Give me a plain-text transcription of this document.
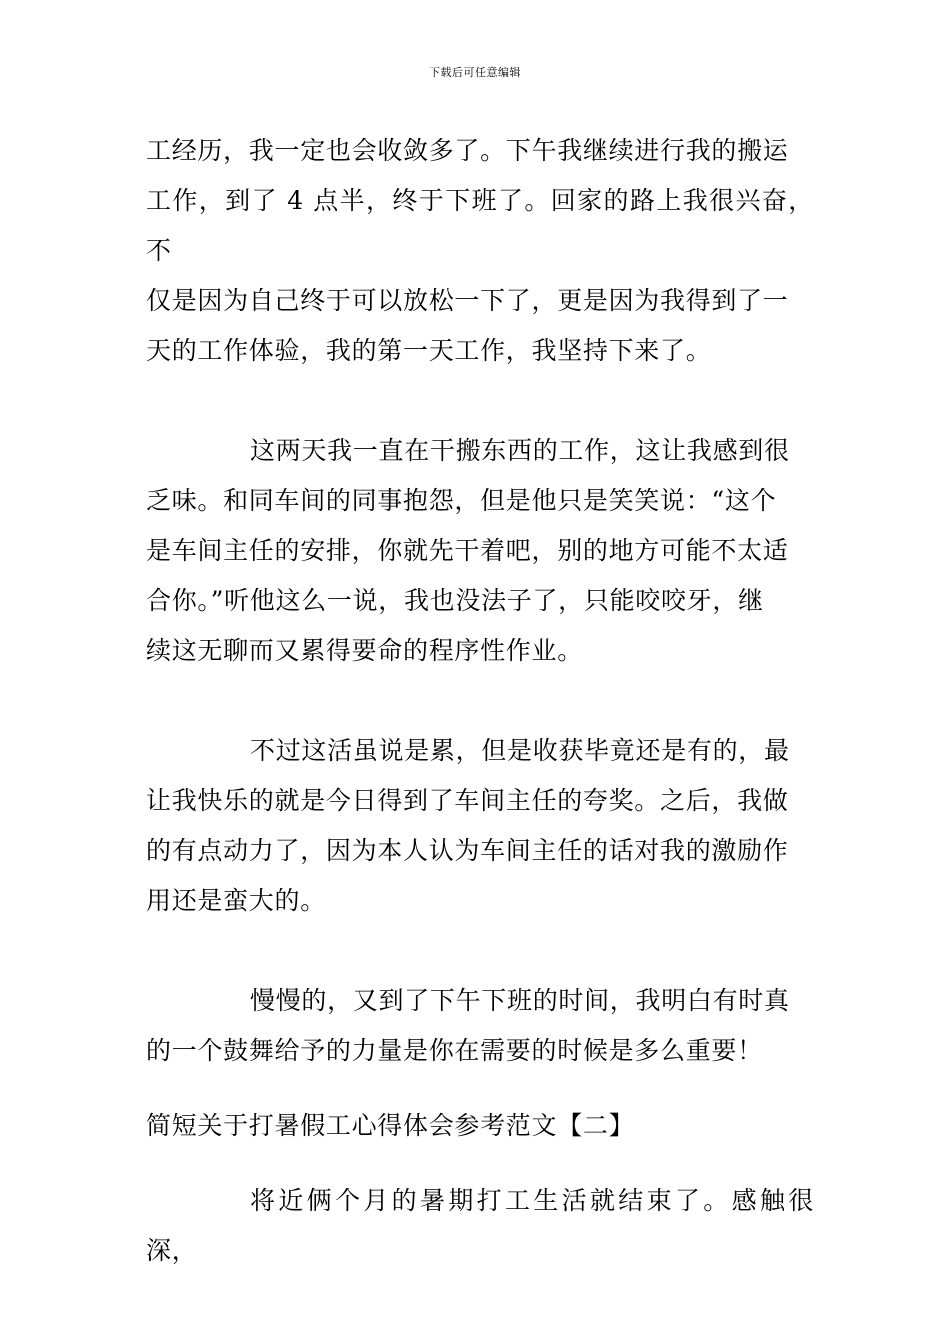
下载后可任意编辑
工经历，我一定也会收敛多了。下午我继续进行我的搬运
工作，到了 4 点半，终于下班了。回家的路上我很兴奋，不
仅是因为自己终于可以放松一下了，更是因为我得到了一
天的工作体验，我的第一天工作，我坚持下来了。
这两天我一直在干搬东西的工作，这让我感到很
乏味。和同车间的同事抱怨，但是他只是笑笑说：“这个
是车间主任的安排，你就先干着吧，别的地方可能不太适
合你。”听他这么一说，我也没法子了，只能咬咬牙，继
续这无聊而又累得要命的程序性作业。
不过这活虽说是累，但是收获毕竟还是有的，最
让我快乐的就是今日得到了车间主任的夸奖。之后，我做
的有点动力了，因为本人认为车间主任的话对我的激励作
用还是蛮大的。
慢慢的，又到了下午下班的时间，我明白有时真
的一个鼓舞给予的力量是你在需要的时候是多么重要！
简短关于打暑假工心得体会参考范文【二】
将近俩个月的暑期打工生活就结束了。感触很深，
